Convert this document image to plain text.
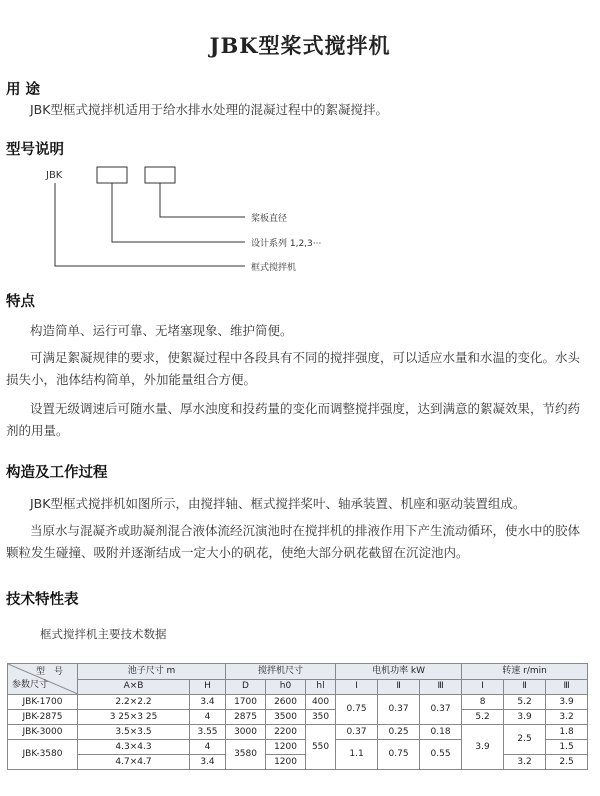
JBK型桨式搅拌机
用 途

JBK型框式搅拌机适用于给水排水处理的混凝过程中的絮凝搅拌。

型号说明
JBK
桨板直径
设计系列 1,2,3···
框式搅拌机
特点

构造简单、运行可靠、无堵塞现象、维护简便。

可满足絮凝规律的要求，使絮凝过程中各段具有不同的搅拌强度，可以适应水量和水温的变化。水头损失小，池体结构简单，外加能量组合方便。

设置无级调速后可随水量、厚水浊度和投药量的变化而调整搅拌强度，达到满意的絮凝效果，节约药剂的用量。

构造及工作过程

JBK型框式搅拌机如图所示，由搅拌轴、框式搅拌桨叶、轴承装置、机座和驱动装置组成。

当原水与混凝齐或助凝剂混合液体流经沉演池时在搅拌机的排液作用下产生流动循环，使水中的胶体颗粒发生碰撞、吸附并逐渐结成一定大小的矾花，使绝大部分矾花截留在沉淀池内。

技术特性表
框式搅拌机主要技术数据
型　号
参数尺寸	池子尺寸 m		搅拌机尺寸			电机功率 kW			转速 r/min		
	A×B	H	D	h0	hl	Ⅰ	Ⅱ	Ⅲ	Ⅰ	Ⅱ	Ⅲ
JBK-1700	2.2×2.2	3.4	1700	2600	400	0.75	0.37	0.37	8	5.2	3.9
JBK-2875	3 25×3 25	4	2875	3500	350				5.2	3.9	3.2
JBK-3000	3.5×3.5	3.55	3000	2200	550	0.37	0.25	0.18	3.9	2.5	1.8
JBK-3580	4.3×4.3	4	3580	1200		1.1	0.75	0.55			1.5
	4.7×4.7	3.4		1200						3.2	2.5
